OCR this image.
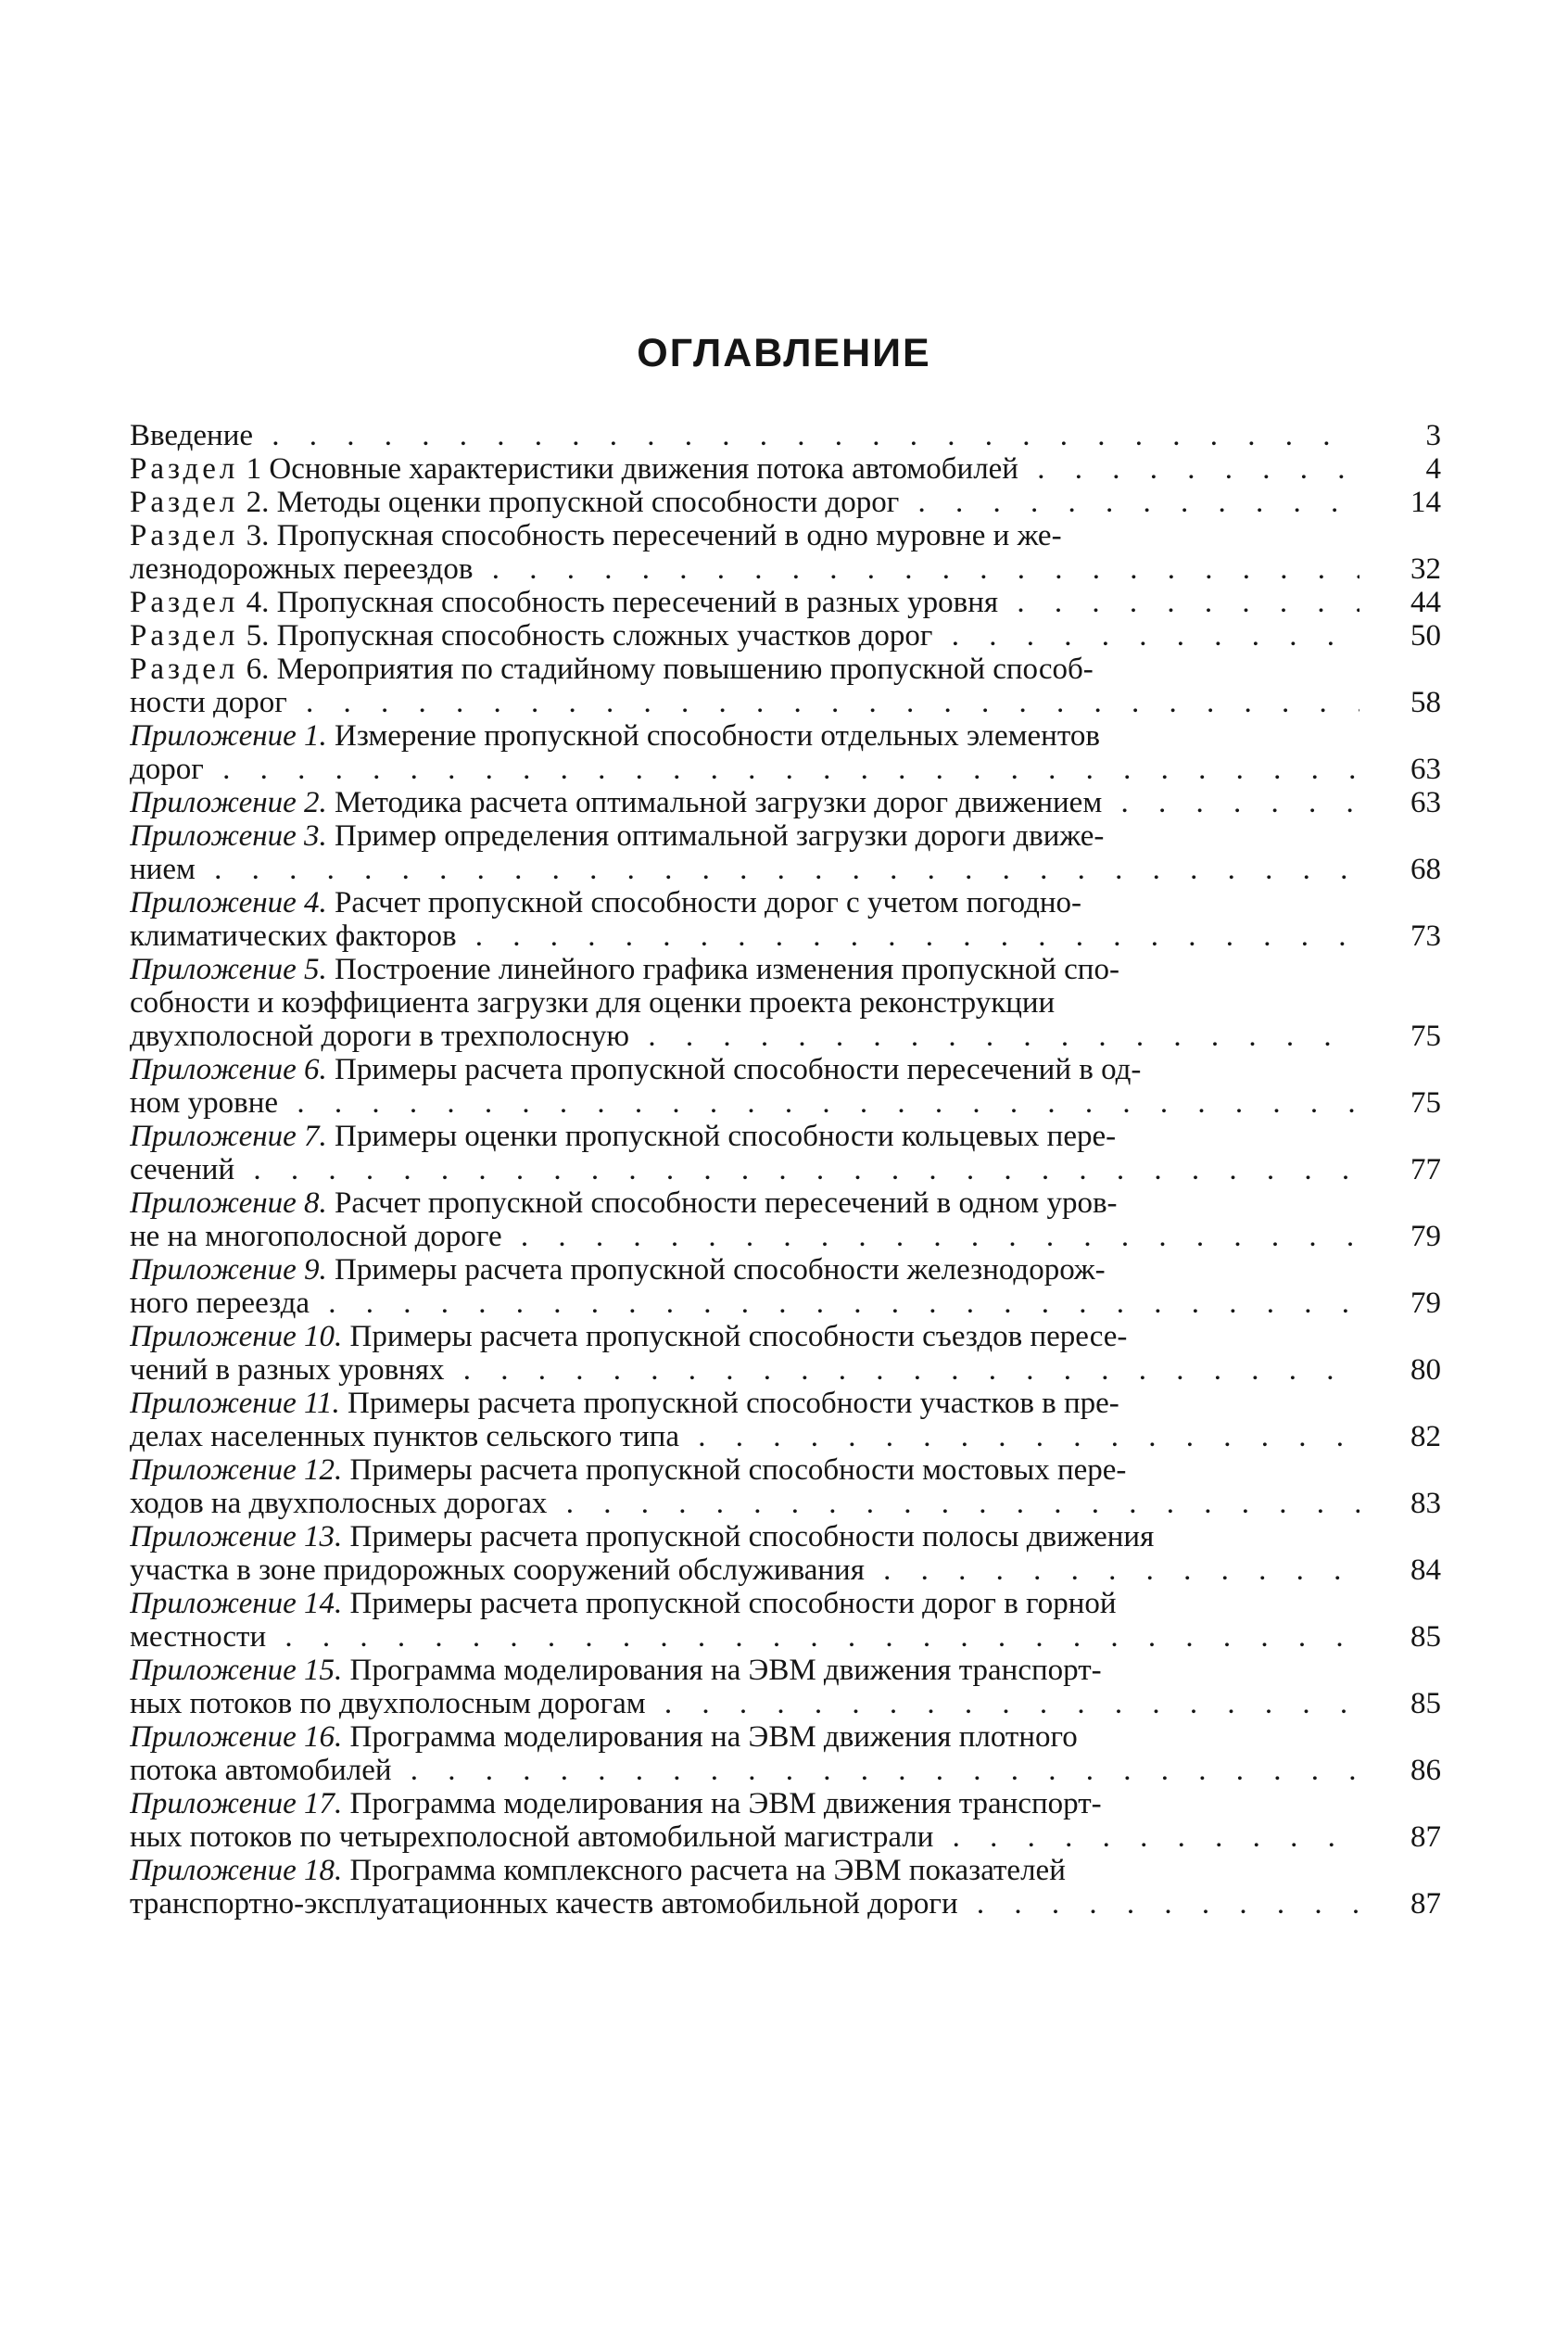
ОГЛАВЛЕНИЕ
Введение . . .	3
Раздел 1 Основные характеристики движения потока автомобилей . . .	4
Раздел 2. Методы оценки пропускной способности дорог . . .	14
Раздел 3. Пропускная способность пересечений в одно муровне и же-
лезнодорожных переездов . . .	32
Раздел 4. Пропускная способность пересечений в разных уровня . . .	44
Раздел 5. Пропускная способность сложных участков дорог . . .	50
Раздел 6. Мероприятия по стадийному повышению пропускной способ-
ности дорог . . .	58
Приложение 1. Измерение пропускной способности отдельных элементов
дорог . . .	63
Приложение 2. Методика расчета оптимальной загрузки дорог движением . . .	63
Приложение 3. Пример определения оптимальной загрузки дороги движе-
нием . . .	68
Приложение 4. Расчет пропускной способности дорог с учетом погодно-
климатических факторов . . .	73
Приложение 5. Построение линейного графика изменения пропускной спо-
собности и коэффициента загрузки для оценки проекта реконструкции
двухполосной дороги в трехполосную . . .	75
Приложение 6. Примеры расчета пропускной способности пересечений в од-
ном уровне . . .	75
Приложение 7. Примеры оценки пропускной способности кольцевых пере-
сечений . . .	77
Приложение 8. Расчет пропускной способности пересечений в одном уров-
не на многополосной дороге . . .	79
Приложение 9. Примеры расчета пропускной способности железнодорож-
ного переезда . . .	79
Приложение 10. Примеры расчета пропускной способности съездов пересе-
чений в разных уровнях . . .	80
Приложение 11. Примеры расчета пропускной способности участков в пре-
делах населенных пунктов сельского типа . . .	82
Приложение 12. Примеры расчета пропускной способности мостовых пере-
ходов на двухполосных дорогах . . .	83
Приложение 13. Примеры расчета пропускной способности полосы движения
участка в зоне придорожных сооружений обслуживания . . .	84
Приложение 14. Примеры расчета пропускной способности дорог в горной
местности . . .	85
Приложение 15. Программа моделирования на ЭВМ движения транспорт-
ных потоков по двухполосным дорогам . . .	85
Приложение 16. Программа моделирования на ЭВМ движения плотного
потока автомобилей . . .	86
Приложение 17. Программа моделирования на ЭВМ движения транспорт-
ных потоков по четырехполосной автомобильной магистрали . . .	87
Приложение 18. Программа комплексного расчета на ЭВМ показателей
транспортно-эксплуатационных качеств автомобильной дороги . . .	87
